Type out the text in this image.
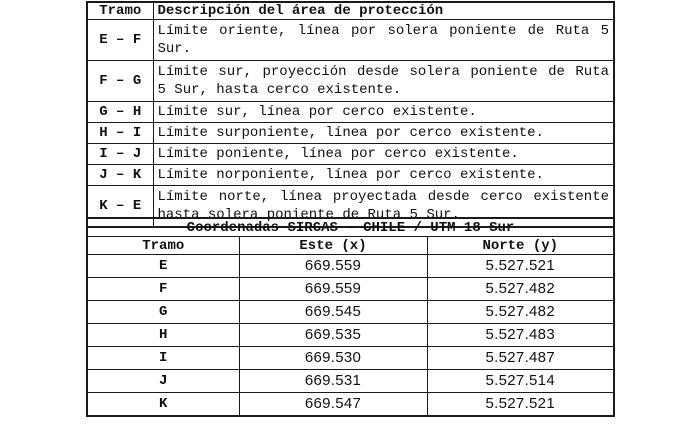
Tramo	Descripción del área de protección
E – F	Límite oriente, línea por solera poniente de Ruta 5 Sur.
F – G	Límite sur, proyección desde solera poniente de Ruta 5 Sur, hasta cerco existente.
G – H	Límite sur, línea por cerco existente.
H – I	Límite surponiente, línea por cerco existente.
I – J	Límite poniente, línea por cerco existente.
J – K	Límite norponiente, línea por cerco existente.
K – E	Límite norte, línea proyectada desde cerco existente hasta solera poniente de Ruta 5 Sur.
Coordenadas SIRGAS – CHILE / UTM 18 Sur		
Tramo	Este (x)	Norte (y)
E	669.559	5.527.521
F	669.559	5.527.482
G	669.545	5.527.482
H	669.535	5.527.483
I	669.530	5.527.487
J	669.531	5.527.514
K	669.547	5.527.521
